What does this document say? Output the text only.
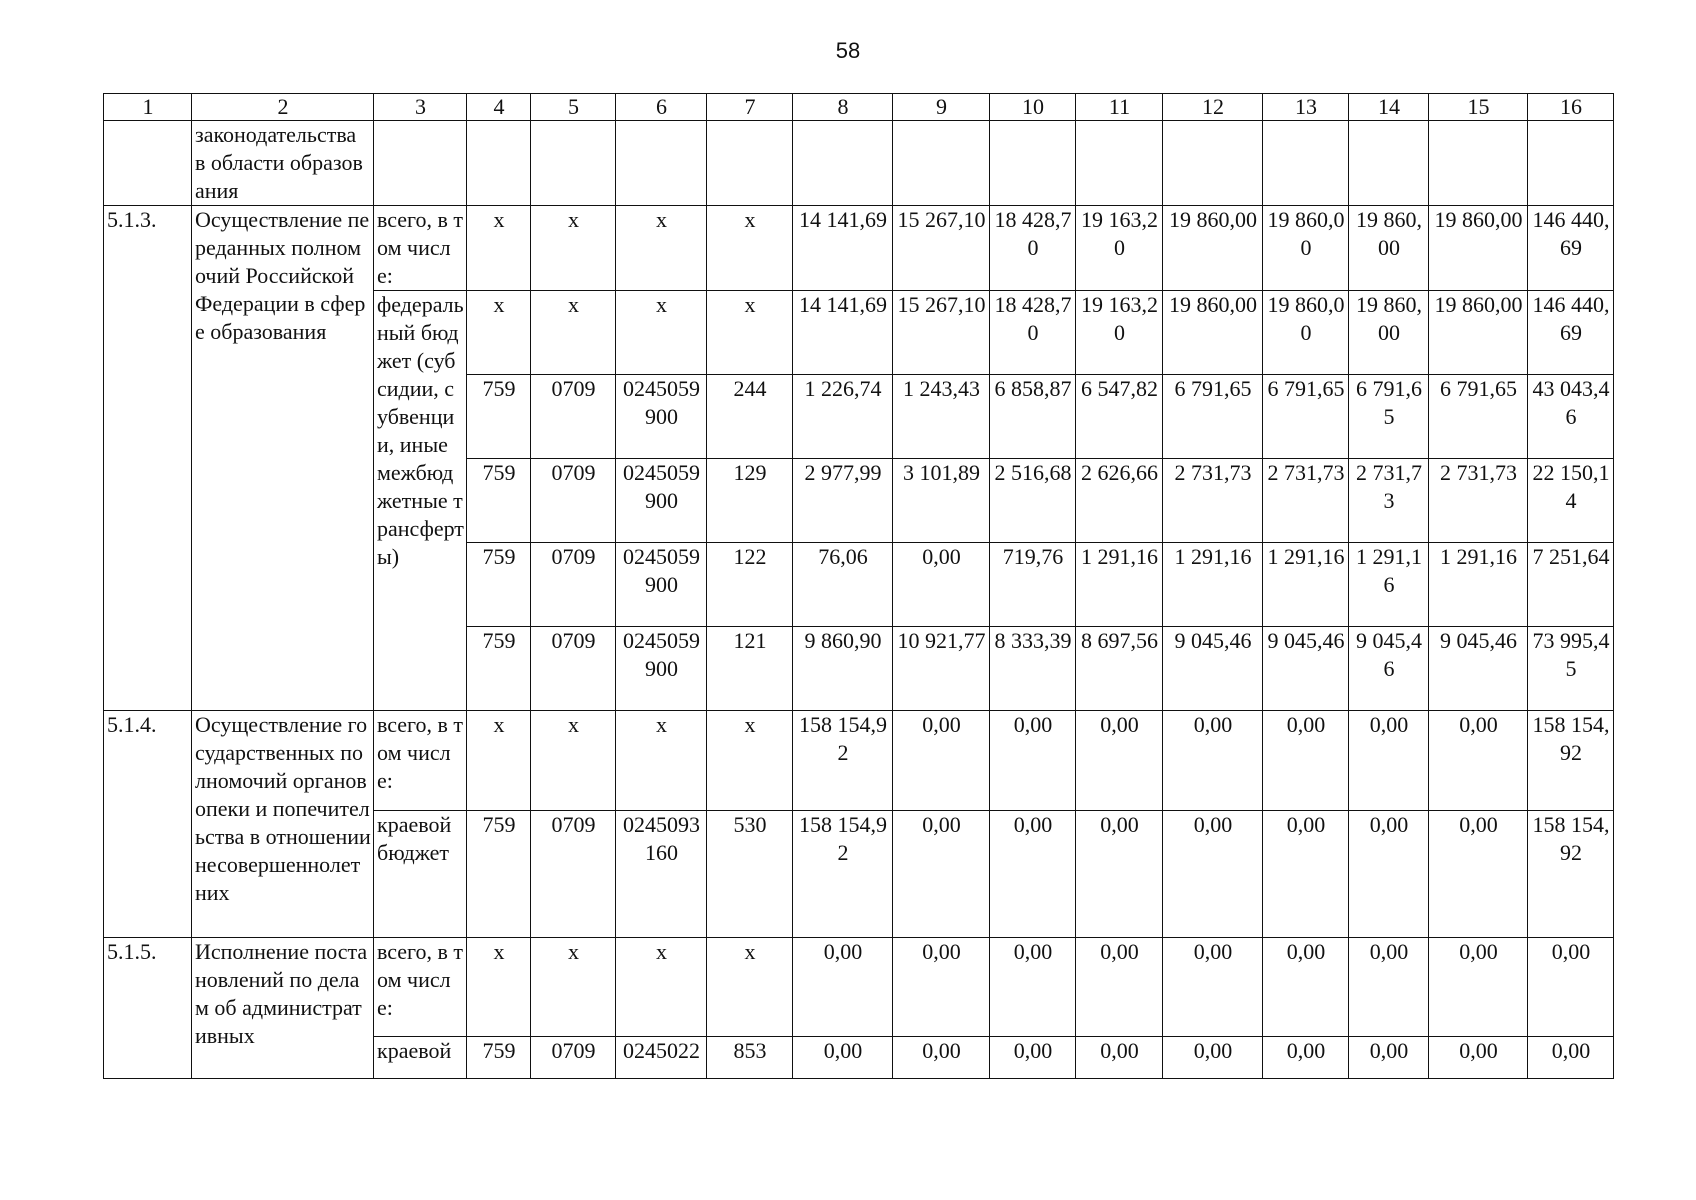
58
1	2	3	4	5	6	7	8	9	10	11	12	13	14	15	16
	законодательства в области образования														
5.1.3.	Осуществление переданных полномочий Российской Федерации в сфере образования	всего, в том числе:	х	х	х	х	14 141,69	15 267,10	18 428,70	19 163,20	19 860,00	19 860,00	19 860,00	19 860,00	146 440,69
		федеральный бюджет (субсидии, субвенции, иные межбюджетные трансферты)	х	х	х	х	14 141,69	15 267,10	18 428,70	19 163,20	19 860,00	19 860,00	19 860,00	19 860,00	146 440,69
			759	0709	0245059900	244	1 226,74	1 243,43	6 858,87	6 547,82	6 791,65	6 791,65	6 791,65	6 791,65	43 043,46
			759	0709	0245059900	129	2 977,99	3 101,89	2 516,68	2 626,66	2 731,73	2 731,73	2 731,73	2 731,73	22 150,14
			759	0709	0245059900	122	76,06	0,00	719,76	1 291,16	1 291,16	1 291,16	1 291,16	1 291,16	7 251,64
			759	0709	0245059900	121	9 860,90	10 921,77	8 333,39	8 697,56	9 045,46	9 045,46	9 045,46	9 045,46	73 995,45
5.1.4.	Осуществление государственных полномочий органов опеки и попечительства в отношении несовершеннолетних	всего, в том числе:	х	х	х	х	158 154,92	0,00	0,00	0,00	0,00	0,00	0,00	0,00	158 154,92
		краевой бюджет	759	0709	0245093160	530	158 154,92	0,00	0,00	0,00	0,00	0,00	0,00	0,00	158 154,92
5.1.5.	Исполнение постановлений по делам об административных	всего, в том числе:	х	х	х	х	0,00	0,00	0,00	0,00	0,00	0,00	0,00	0,00	0,00
		краевой	759	0709	0245022	853	0,00	0,00	0,00	0,00	0,00	0,00	0,00	0,00	0,00
